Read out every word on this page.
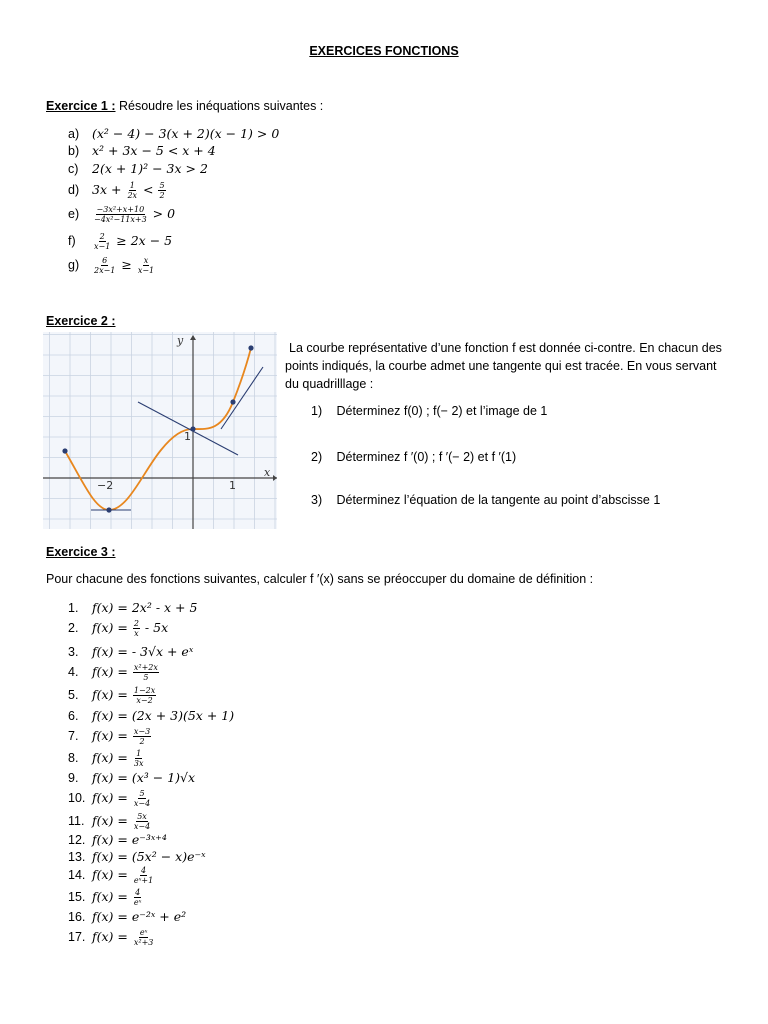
EXERCICES FONCTIONS
Exercice 1 : Résoudre les inéquations suivantes :
a) (x² − 4) − 3(x + 2)(x − 1) > 0
b) x² + 3x − 5 < x + 4
c) 2(x + 1)² − 3x > 2
d) $3x + \frac{1}{2x} < \frac{5}{2}$
$e) \frac{\text{−3x²+x+10}}{\text{−4x²−11x+3}} > 0$
$f) \frac{2}{x-1} \ge 2x - 5$
$g) \frac{6}{2x-1} \ge \frac{x}{x-1}$
Exercice 2 :
y
x
−2	1
1
La courbe représentative d’une fonction f est donnée ci-contre. En chacun des points indiqués, la courbe admet une tangente qui est tracée. En vous servant du quadrilllage :
1) Déterminez f(0) ; f(− 2) et l’image de 1
2) Déterminez f ′(0) ; f ′(− 2) et f ′(1)
3) Déterminez l’équation de la tangente au point d’abscisse 1
Exercice 3 :
Pour chacune des fonctions suivantes, calculer f ′(x) sans se préoccuper du domaine de définition :
1. f(x) = 2x² - x + 5
2. $f(x) = \frac{2}{x} - 5x$
3. f(x) = - 3√x + eˣ
4. $f(x) = \frac{\text{x²+2x}}{5}$
5. $f(x) = \frac{1-2x}{x-2}$
6. f(x) = (2x + 3)(5x + 1)
7. $f(x) = \frac{x-3}{2}$
8. $f(x) = \frac{1}{3x}$
9. f(x) = (x³ − 1)√x
10. $f(x) = \frac{5}{x-4}$
11. $f(x) = \frac{5x}{x-4}$
12. f(x) = e⁻³ˣ⁺⁴
13. f(x) = (5x² − x)e⁻ˣ
14. $f(x) = \frac{4}{\text{eˣ+1}}$
15. $f(x) = \frac{4}{\text{eˣ}}$
16. f(x) = e⁻²ˣ + e²
17. $f(x) = \frac{\text{eˣ}}{\text{x²+3}}$
